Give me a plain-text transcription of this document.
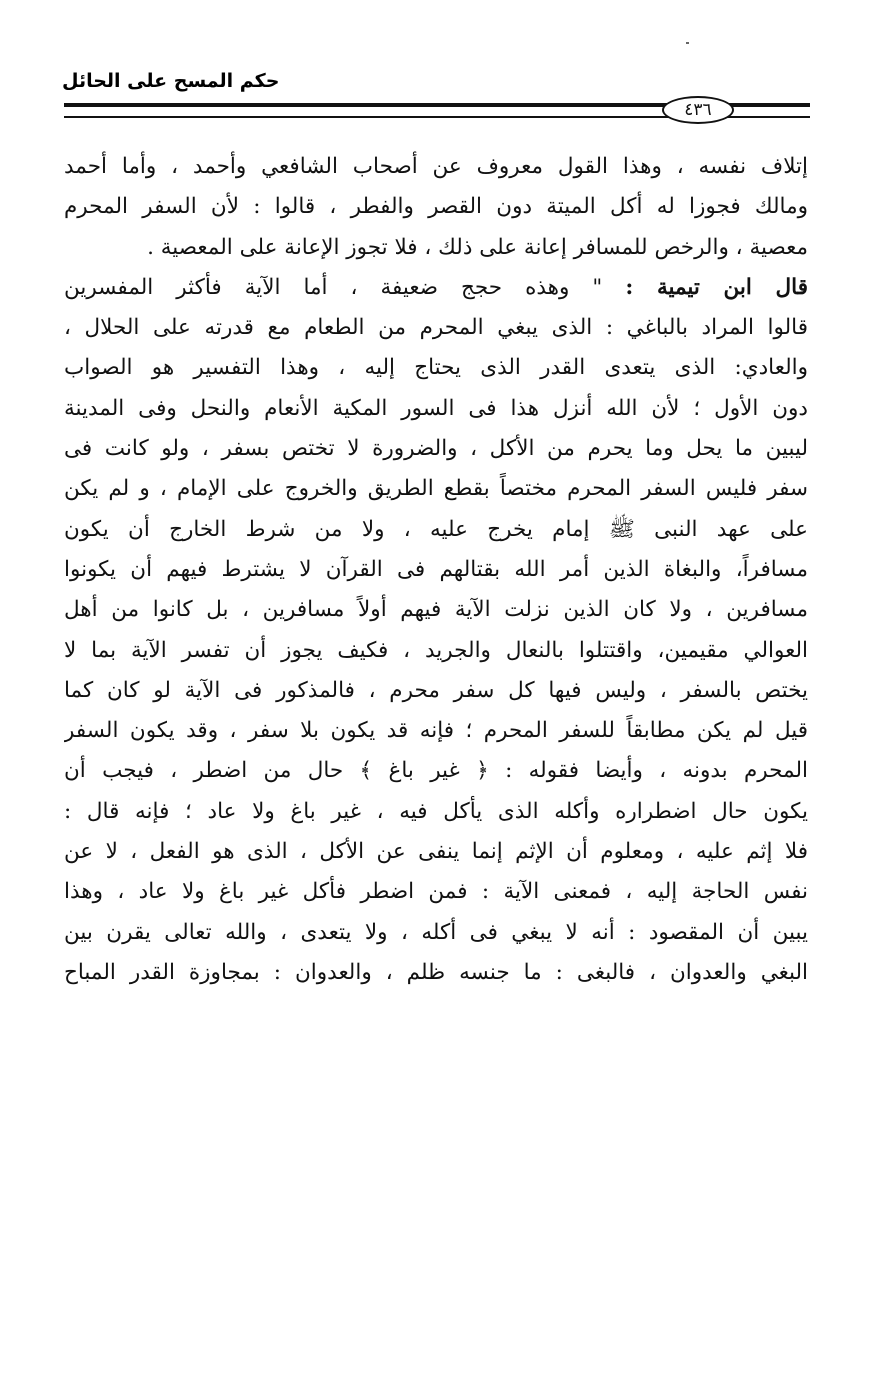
حكم المسح على الحائل
٤٣٦
إتلاف نفسه ، وهذا القول معروف عن أصحاب الشافعي وأحمد ، وأما أحمد
ومالك فجوزا له أكل الميتة دون القصر والفطر ، قالوا : لأن السفر المحرم
معصية ، والرخص للمسافر إعانة على ذلك ، فلا تجوز الإعانة على المعصية .
قال ابن تيمية : " وهذه حجج ضعيفة ، أما الآية فأكثر المفسرين
قالوا المراد بالباغي : الذى يبغي المحرم من الطعام مع قدرته على الحلال ،
والعادي: الذى يتعدى القدر الذى يحتاج إليه ، وهذا التفسير هو الصواب
دون الأول ؛ لأن الله أنزل هذا فى السور المكية الأنعام والنحل وفى المدينة
ليبين ما يحل وما يحرم من الأكل ، والضرورة لا تختص بسفر ، ولو كانت فى
سفر فليس السفر المحرم مختصاً بقطع الطريق والخروج على الإمام ، و لم يكن
على عهد النبى ﷺ إمام يخرج عليه ، ولا من شرط الخارج أن يكون
مسافراً، والبغاة الذين أمر الله بقتالهم فى القرآن لا يشترط فيهم أن يكونوا
مسافرين ، ولا كان الذين نزلت الآية فيهم أولاً مسافرين ، بل كانوا من أهل
العوالي مقيمين، واقتتلوا بالنعال والجريد ، فكيف يجوز أن تفسر الآية بما لا
يختص بالسفر ، وليس فيها كل سفر محرم ، فالمذكور فى الآية لو كان كما
قيل لم يكن مطابقاً للسفر المحرم ؛ فإنه قد يكون بلا سفر ، وقد يكون السفر
المحرم بدونه ، وأيضا فقوله : ﴿ غير باغ ﴾ حال من اضطر ، فيجب أن
يكون حال اضطراره وأكله الذى يأكل فيه ، غير باغ ولا عاد ؛ فإنه قال :
فلا إثم عليه ، ومعلوم أن الإثم إنما ينفى عن الأكل ، الذى هو الفعل ، لا عن
نفس الحاجة إليه ، فمعنى الآية : فمن اضطر فأكل غير باغ ولا عاد ، وهذا
يبين أن المقصود : أنه لا يبغي فى أكله ، ولا يتعدى ، والله تعالى يقرن بين
البغي والعدوان ، فالبغى : ما جنسه ظلم ، والعدوان : بمجاوزة القدر المباح
